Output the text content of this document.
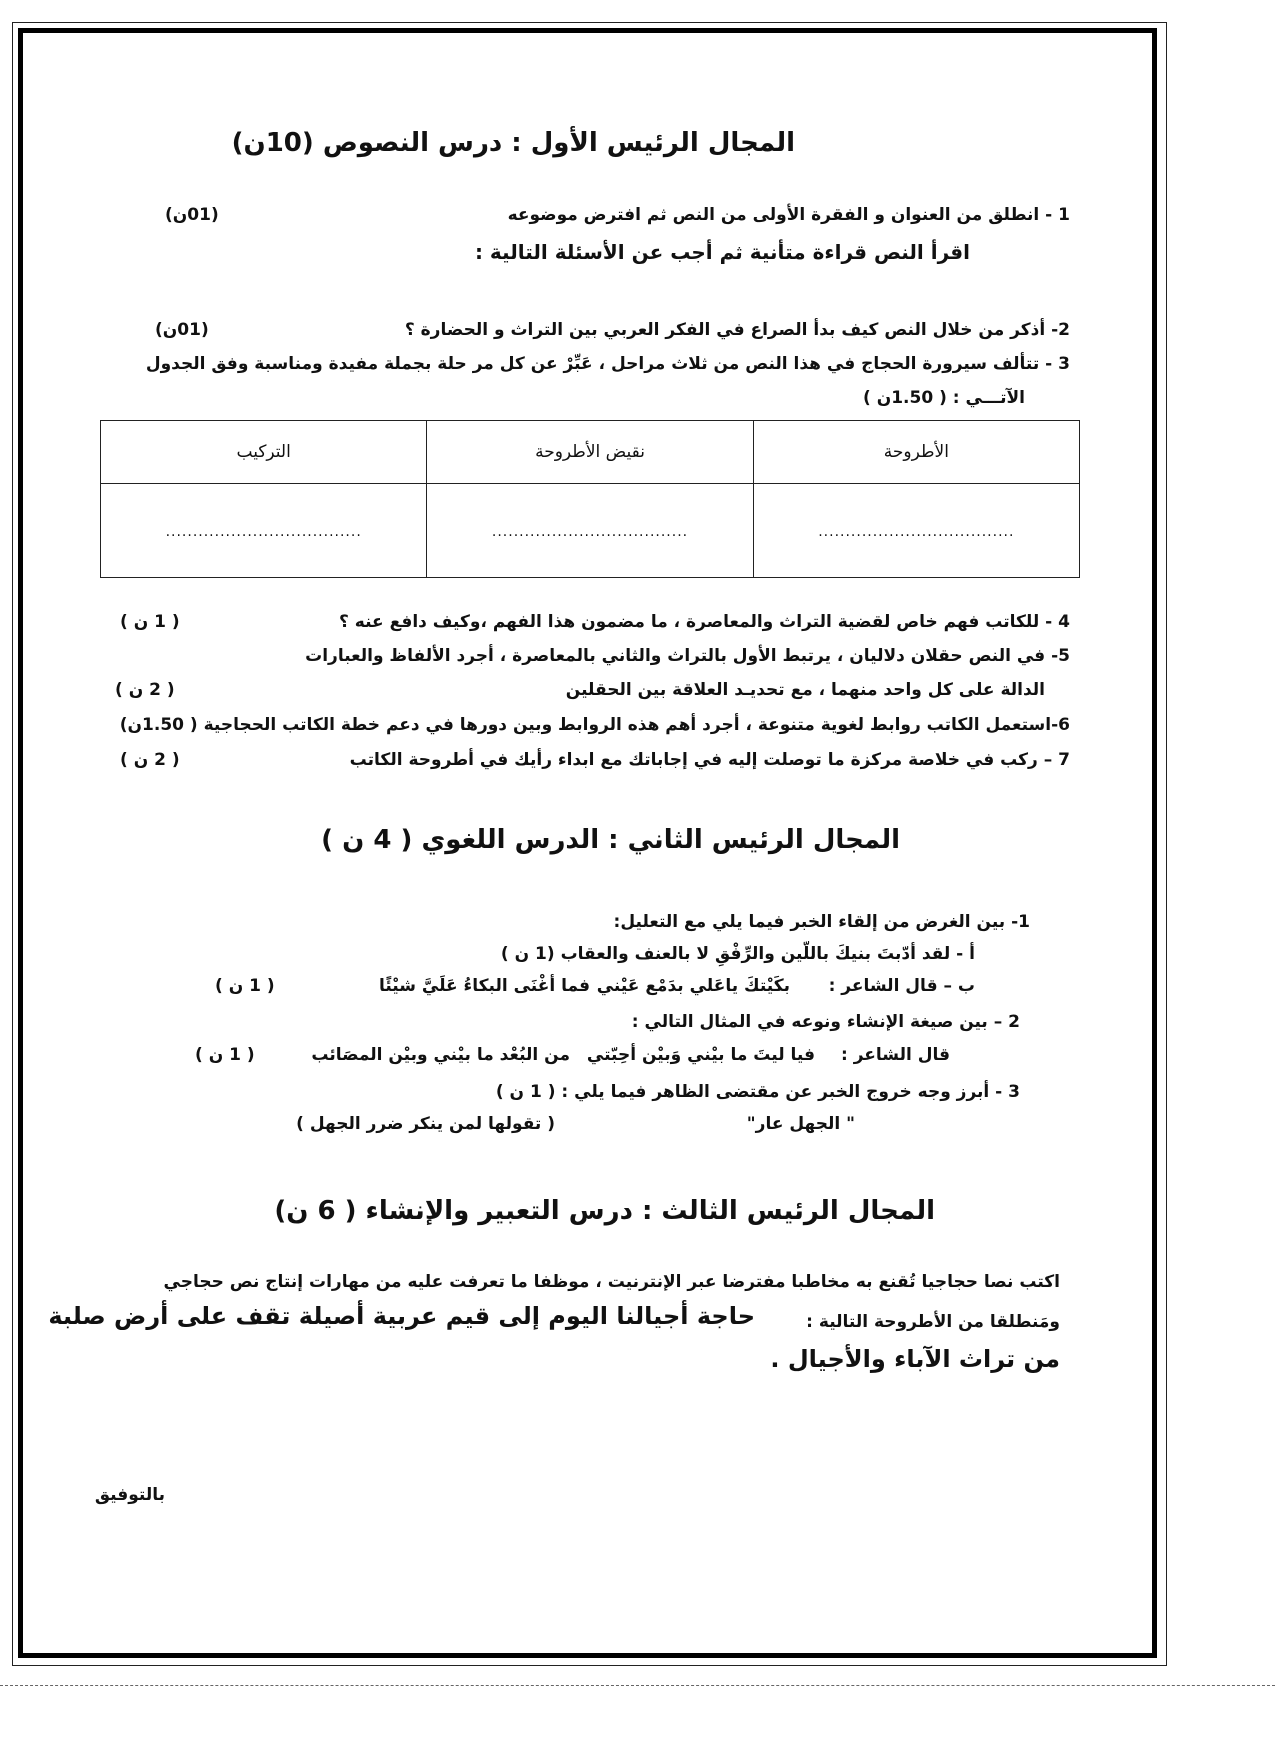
المجال الرئيس الأول : درس النصوص (10ن)
1 - انطلق من العنوان و الفقرة الأولى من النص ثم افترض موضوعه
(01ن)
اقرأ النص قراءة متأنية ثم أجب عن الأسئلة التالية :
2- أذكر من خلال النص كيف بدأ الصراع في الفكر العربي بين التراث و الحضارة ؟
(01ن)
3 - تتألف سيرورة الحجاج في هذا النص من ثلاث مراحل ، عَبِّرْ عن كل مر حلة بجملة مفيدة ومناسبة وفق الجدول
الآتـــي : ( 1.50ن )
الأطروحة	نقيض الأطروحة	التركيب
....................................	....................................	....................................
4 - للكاتب فهم خاص لقضية التراث والمعاصرة ، ما مضمون هذا الفهم ،وكيف دافع عنه ؟
( 1 ن )
5- في النص حقلان دلاليان ، يرتبط الأول بالتراث والثاني بالمعاصرة ، أجرد الألفاظ والعبارات
الدالة على كل واحد منهما ، مع تحديـد العلاقة بين الحقلين
( 2 ن )
6-استعمل الكاتب روابط لغوية متنوعة ، أجرد أهم هذه الروابط وبين دورها في دعم خطة الكاتب الحجاجية ( 1.50ن)
7 – ركب في خلاصة مركزة ما توصلت إليه في إجاباتك مع ابداء رأيك في أطروحة الكاتب
( 2 ن )
المجال الرئيس الثاني : الدرس اللغوي ( 4 ن )
1- بين الغرض من إلقاء الخبر فيما يلي مع التعليل:
أ - لقد أدّبتَ بنيكَ باللّين والرِّفْقِ لا بالعنف والعقاب (1 ن )
ب – قال الشاعر :
بكَيْتكَ ياعَلي بدَمْع عَيْني
فما أغْنَى البكاءُ عَلَيَّ شيْئًا
( 1 ن )
2 – بين صيغة الإنشاء ونوعه في المثال التالي :
قال الشاعر :
فيا ليتَ ما بيْني وَبيْن أحِبّتي
من البُعْد ما بيْني وبيْن المصَائب
( 1 ن )
3 - أبرز وجه خروج الخبر عن مقتضى الظاهر فيما يلي : ( 1 ن )
" الجهل عار"
( تقولها لمن ينكر ضرر الجهل )
المجال الرئيس الثالث : درس التعبير والإنشاء ( 6 ن)
اكتب نصا حجاجيا تُقنع به مخاطبا مفترضا عبر الإنترنيت ، موظفا ما تعرفت عليه من مهارات إنتاج نص حجاجي
ومَنطلقا من الأطروحة التالية :
حاجة أجيالنا اليوم إلى قيم عربية أصيلة تقف على أرض صلبة
من تراث الآباء والأجيال .
بالتوفيق
